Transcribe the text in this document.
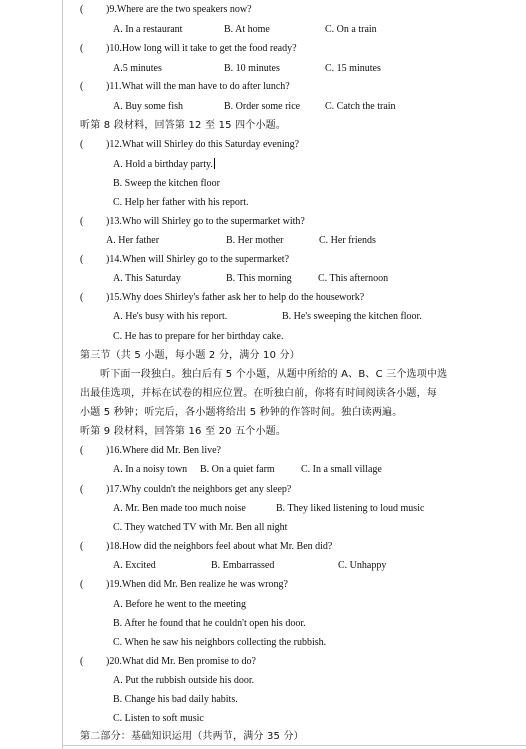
( )9.Where are the two speakers now?
A. In a restaurant	B. At home	C. On a train
( )10.How long will it take to get the food ready?
A.5 minutes	B. 10 minutes	C. 15 minutes
( )11.What will the man have to do after lunch?
A. Buy some fish	B. Order some rice C. Catch the train
听第 8 段材料，回答第 12 至 15 四个小题。
( )12.What will Shirley do this Saturday evening?
A. Hold a birthday party.
B. Sweep the kitchen floor
C. Help her father with his report.
( )13.Who will Shirley go to the supermarket with?
A. Her father	B. Her mother	C. Her friends
( )14.When will Shirley go to the supermarket?
A. This Saturday	B. This morning	C. This afternoon
( )15.Why does Shirley's father ask her to help do the housework?
A. He's busy with his report.	B. He's sweeping the kitchen floor.
C. He has to prepare for her birthday cake.
第三节（共 5 小题，每小题 2 分，满分 10 分）
听下面一段独白。独白后有 5 个小题，从题中所给的 A、B、C 三个选项中选
出最佳选项，并标在试卷的相应位置。在听独白前，你将有时间阅读各小题，每
小题 5 秒钟；听完后，各小题将给出 5 秒钟的作答时间。独白读两遍。
听第 9 段材料，回答第 16 至 20 五个小题。
( )16.Where did Mr. Ben live?
A. In a noisy town B. On a quiet farm	C. In a small village
( )17.Why couldn't the neighbors get any sleep?
A. Mr. Ben made too much noise	B. They liked listening to loud music
C. They watched TV with Mr. Ben all night
( )18.How did the neighbors feel about what Mr. Ben did?
A. Excited	B. Embarrassed	C. Unhappy
( )19.When did Mr. Ben realize he was wrong?
A. Before he went to the meeting
B. After he found that he couldn't open his door.
C. When he saw his neighbors collecting the rubbish.
( )20.What did Mr. Ben promise to do?
A. Put the rubbish outside his door.
B. Change his bad daily habits.
C. Listen to soft music
第二部分：基础知识运用（共两节，满分 35 分）
